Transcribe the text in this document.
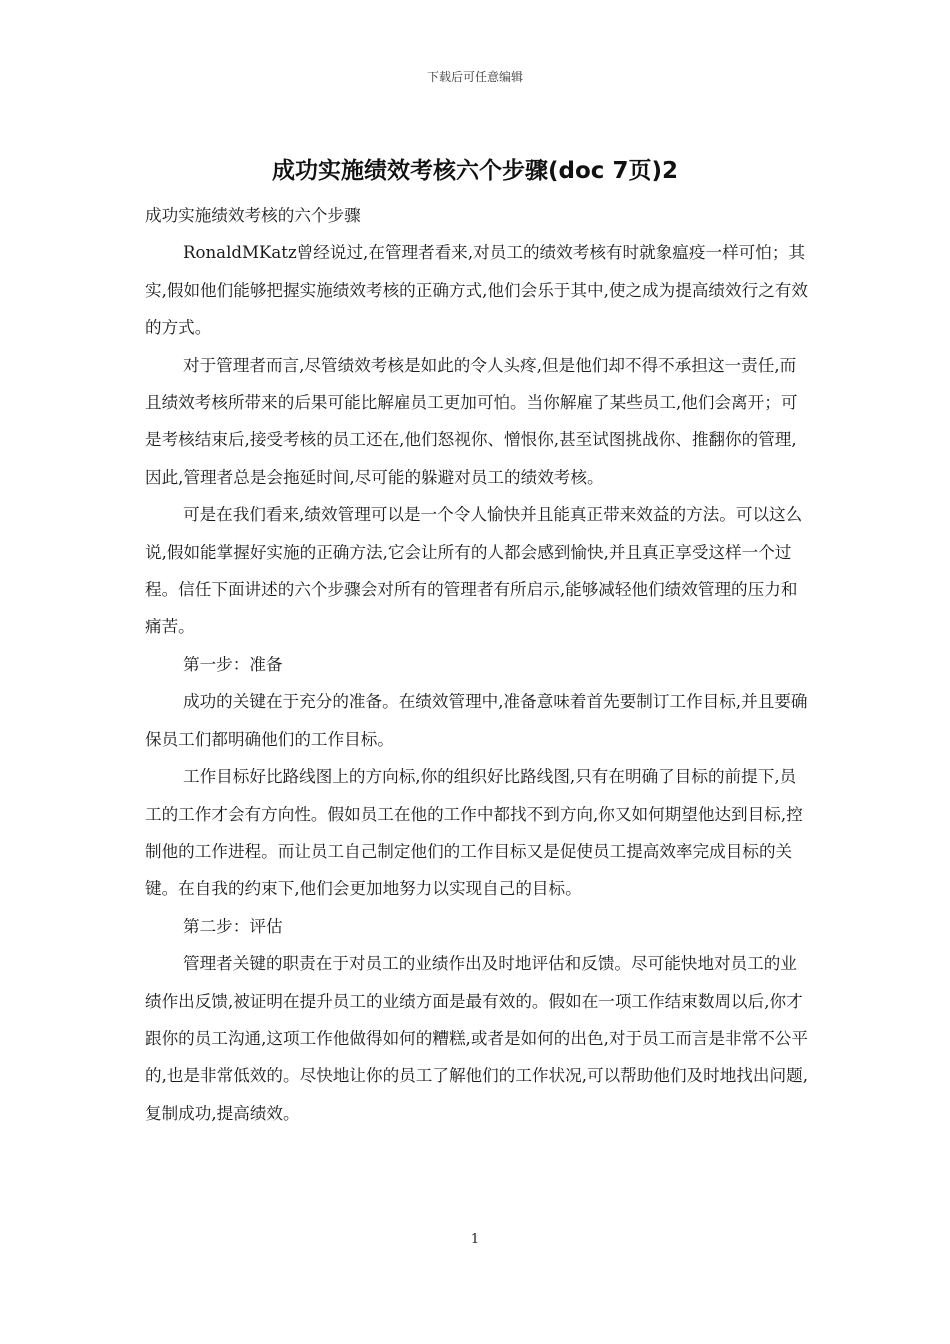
下载后可任意编辑
成功实施绩效考核六个步骤(doc 7页)2

成功实施绩效考核的六个步骤

RonaldMKatz曾经说过,在管理者看来,对员工的绩效考核有时就象瘟疫一样可怕；其实,假如他们能够把握实施绩效考核的正确方式,他们会乐于其中,使之成为提高绩效行之有效的方式。

对于管理者而言,尽管绩效考核是如此的令人头疼,但是他们却不得不承担这一责任,而且绩效考核所带来的后果可能比解雇员工更加可怕。当你解雇了某些员工,他们会离开；可是考核结束后,接受考核的员工还在,他们怒视你、憎恨你,甚至试图挑战你、推翻你的管理,因此,管理者总是会拖延时间,尽可能的躲避对员工的绩效考核。

可是在我们看来,绩效管理可以是一个令人愉快并且能真正带来效益的方法。可以这么说,假如能掌握好实施的正确方法,它会让所有的人都会感到愉快,并且真正享受这样一个过程。信任下面讲述的六个步骤会对所有的管理者有所启示,能够减轻他们绩效管理的压力和痛苦。

第一步：准备

成功的关键在于充分的准备。在绩效管理中,准备意味着首先要制订工作目标,并且要确保员工们都明确他们的工作目标。

工作目标好比路线图上的方向标,你的组织好比路线图,只有在明确了目标的前提下,员工的工作才会有方向性。假如员工在他的工作中都找不到方向,你又如何期望他达到目标,控制他的工作进程。而让员工自己制定他们的工作目标又是促使员工提高效率完成目标的关键。在自我的约束下,他们会更加地努力以实现自己的目标。

第二步：评估

管理者关键的职责在于对员工的业绩作出及时地评估和反馈。尽可能快地对员工的业绩作出反馈,被证明在提升员工的业绩方面是最有效的。假如在一项工作结束数周以后,你才跟你的员工沟通,这项工作他做得如何的糟糕,或者是如何的出色,对于员工而言是非常不公平的,也是非常低效的。尽快地让你的员工了解他们的工作状况,可以帮助他们及时地找出问题,复制成功,提高绩效。

1
